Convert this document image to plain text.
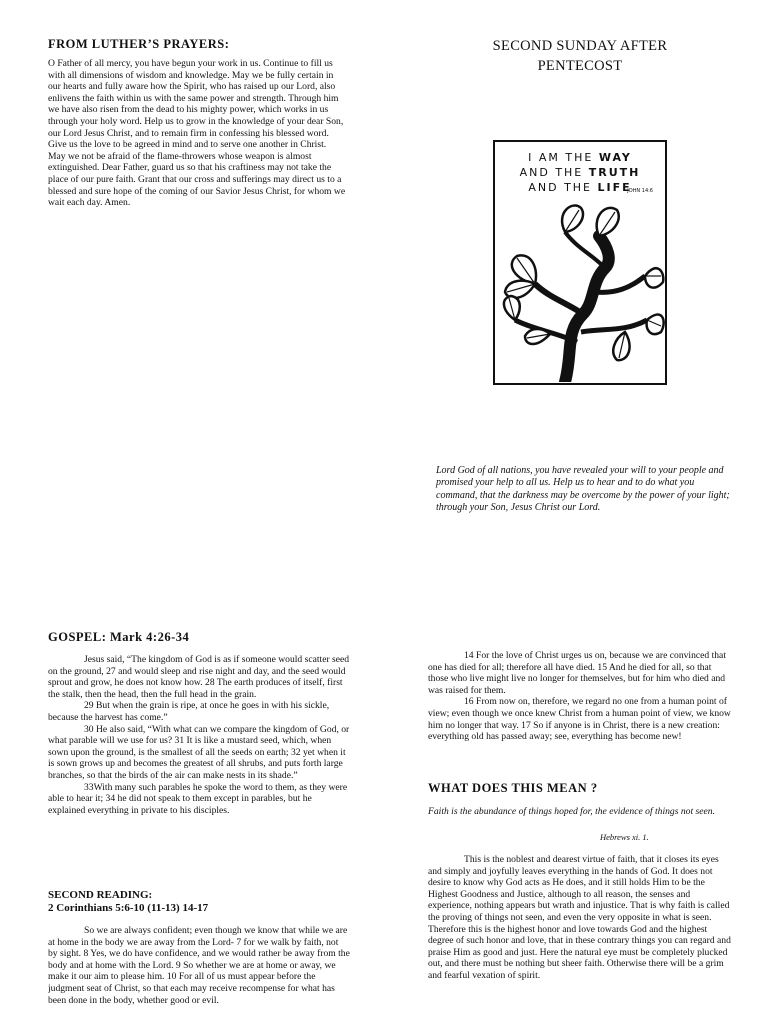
FROM LUTHER’S PRAYERS:
O Father of all mercy, you have begun your work in us. Continue to fill us with all dimensions of wisdom and knowledge. May we be fully certain in our hearts and fully aware how the Spirit, who has raised up our Lord, also enlivens the faith within us with the same power and strength. Through him we have also risen from the dead to his mighty power, which works in us through your holy word. Help us to grow in the knowledge of your dear Son, our Lord Jesus Christ, and to remain firm in confessing his blessed word. Give us the love to be agreed in mind and to serve one another in Christ. May we not be afraid of the flame-throwers whose weapon is almost extinguished. Dear Father, guard us so that his craftiness may not take the place of our pure faith. Grant that our cross and sufferings may direct us to a blessed and sure hope of the coming of our Savior Jesus Christ, for whom we wait each day. Amen.
SECOND SUNDAY AFTER
PENTECOST
I AM THE WAY
AND THE TRUTH
AND THE LIFE
JOHN 14:6
Lord God of all nations, you have revealed your will to your people and promised your help to all us. Help us to hear and to do what you command, that the darkness may be overcome by the power of your light; through your Son, Jesus Christ our Lord.
GOSPEL: Mark 4:26-34

Jesus said, “The kingdom of God is as if someone would scatter seed on the ground, 27 and would sleep and rise night and day, and the seed would sprout and grow, he does not know how. 28 The earth produces of itself, first the stalk, then the head, then the full head in the grain.

29 But when the grain is ripe, at once he goes in with his sickle, because the harvest has come.”

30 He also said, “With what can we compare the kingdom of God, or what parable will we use for us? 31 It is like a mustard seed, which, when sown upon the ground, is the smallest of all the seeds on earth; 32 yet when it is sown grows up and becomes the greatest of all shrubs, and puts forth large branches, so that the birds of the air can make nests in its shade.”

33With many such parables he spoke the word to them, as they were able to hear it; 34 he did not speak to them except in parables, but he explained everything in private to his disciples.

SECOND READING:
2 Corinthians 5:6-10 (11-13) 14-17

So we are always confident; even though we know that while we are at home in the body we are away from the Lord- 7 for we walk by faith, not by sight. 8 Yes, we do have confidence, and we would rather be away from the body and at home with the Lord. 9 So whether we are at home or away, we make it our aim to please him. 10 For all of us must appear before the judgment seat of Christ, so that each may receive recompense for what has been done in the body, whether good or evil.

14 For the love of Christ urges us on, because we are convinced that one has died for all; therefore all have died. 15 And he died for all, so that those who live might live no longer for themselves, but for him who died and was raised for them.

16 From now on, therefore, we regard no one from a human point of view; even though we once knew Christ from a human point of view, we know him no longer that way. 17 So if anyone is in Christ, there is a new creation: everything old has passed away; see, everything has become new!

WHAT DOES THIS MEAN ?
Faith is the abundance of things hoped for, the evidence of things not seen.
Hebrews xi. 1.

This is the noblest and dearest virtue of faith, that it closes its eyes and simply and joyfully leaves everything in the hands of God. It does not desire to know why God acts as He does, and it still holds Him to be the Highest Goodness and Justice, although to all reason, the senses and experience, nothing appears but wrath and injustice. That is why faith is called the proving of things not seen, and even the very opposite in what is seen. Therefore this is the highest honor and love towards God and the highest degree of such honor and love, that in these contrary things you can regard and praise Him as good and just. Here the natural eye must be completely plucked out, and there must be nothing but sheer faith. Otherwise there will be a grim and fearful vexation of spirit.
